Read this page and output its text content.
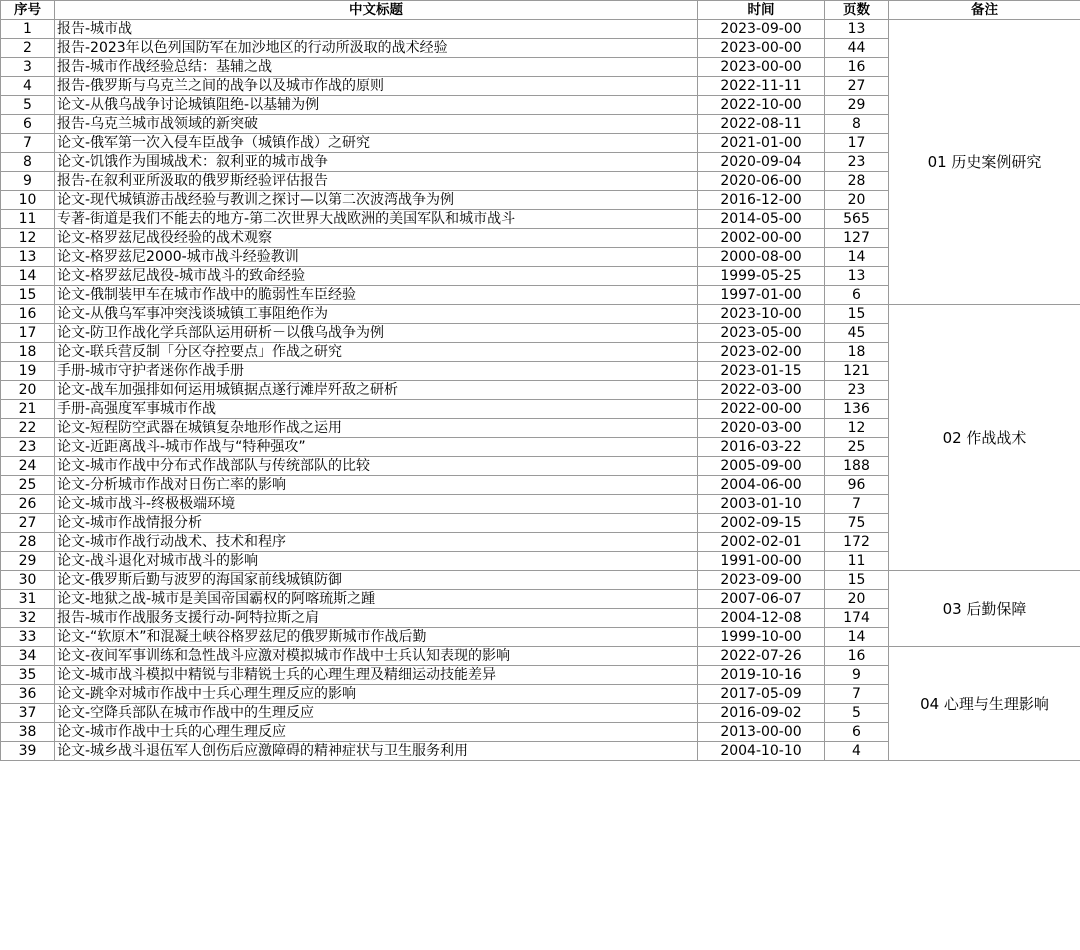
序号	中文标题	时间	页数	备注
1	报告-城市战	2023-09-00	13	01 历史案例研究
2	报告-2023年以色列国防军在加沙地区的行动所汲取的战术经验	2023-00-00	44	
3	报告-城市作战经验总结：基辅之战	2023-00-00	16	
4	报告-俄罗斯与乌克兰之间的战争以及城市作战的原则	2022-11-11	27	
5	论文-从俄乌战争讨论城镇阻绝-以基辅为例	2022-10-00	29	
6	报告-乌克兰城市战领域的新突破	2022-08-11	8	
7	论文-俄军第一次入侵车臣战争（城镇作战）之研究	2021-01-00	17	
8	论文-饥饿作为围城战术：叙利亚的城市战争	2020-09-04	23	
9	报告-在叙利亚所汲取的俄罗斯经验评估报告	2020-06-00	28	
10	论文-现代城镇游击战经验与教训之探讨—以第二次波湾战争为例	2016-12-00	20	
11	专著-街道是我们不能去的地方-第二次世界大战欧洲的美国军队和城市战斗	2014-05-00	565	
12	论文-格罗兹尼战役经验的战术观察	2002-00-00	127	
13	论文-格罗兹尼2000-城市战斗经验教训	2000-08-00	14	
14	论文-格罗兹尼战役-城市战斗的致命经验	1999-05-25	13	
15	论文-俄制装甲车在城市作战中的脆弱性车臣经验	1997-01-00	6	
16	论文-从俄乌军事冲突浅谈城镇工事阻绝作为	2023-10-00	15	02 作战战术
17	论文-防卫作战化学兵部队运用研析－以俄乌战争为例	2023-05-00	45	
18	论文-联兵营反制「分区夺控要点」作战之研究	2023-02-00	18	
19	手册-城市守护者迷你作战手册	2023-01-15	121	
20	论文-战车加强排如何运用城镇据点遂行滩岸歼敌之研析	2022-03-00	23	
21	手册-高强度军事城市作战	2022-00-00	136	
22	论文-短程防空武器在城镇复杂地形作战之运用	2020-03-00	12	
23	论文-近距离战斗-城市作战与“特种强攻”	2016-03-22	25	
24	论文-城市作战中分布式作战部队与传统部队的比较	2005-09-00	188	
25	论文-分析城市作战对日伤亡率的影响	2004-06-00	96	
26	论文-城市战斗-终极极端环境	2003-01-10	7	
27	论文-城市作战情报分析	2002-09-15	75	
28	论文-城市作战行动战术、技术和程序	2002-02-01	172	
29	论文-战斗退化对城市战斗的影响	1991-00-00	11	
30	论文-俄罗斯后勤与波罗的海国家前线城镇防御	2023-09-00	15	03 后勤保障
31	论文-地狱之战-城市是美国帝国霸权的阿喀琉斯之踵	2007-06-07	20	
32	报告-城市作战服务支援行动-阿特拉斯之肩	2004-12-08	174	
33	论文-“软原木”和混凝土峡谷格罗兹尼的俄罗斯城市作战后勤	1999-10-00	14	
34	论文-夜间军事训练和急性战斗应激对模拟城市作战中士兵认知表现的影响	2022-07-26	16	04 心理与生理影响
35	论文-城市战斗模拟中精锐与非精锐士兵的心理生理及精细运动技能差异	2019-10-16	9	
36	论文-跳伞对城市作战中士兵心理生理反应的影响	2017-05-09	7	
37	论文-空降兵部队在城市作战中的生理反应	2016-09-02	5	
38	论文-城市作战中士兵的心理生理反应	2013-00-00	6	
39	论文-城乡战斗退伍军人创伤后应激障碍的精神症状与卫生服务利用	2004-10-10	4	
